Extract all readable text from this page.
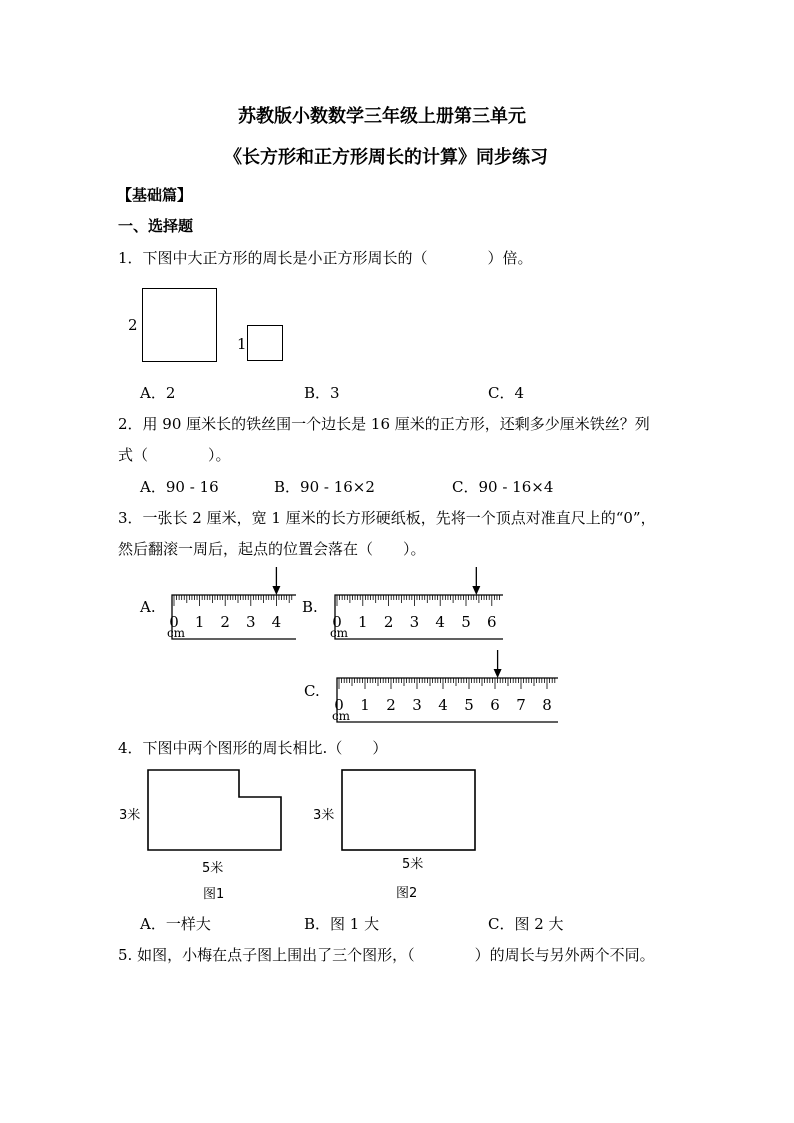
苏教版小数数学三年级上册第三单元
《长方形和正方形周长的计算》同步练习
【基础篇】
一、选择题
1．下图中大正方形的周长是小正方形周长的（　　　　）倍。
2
1
A．2	B．3	C．4
2．用 90 厘米长的铁丝围一个边长是 16 厘米的正方形，还剩多少厘米铁丝？列
式（　　　　）。
A．90 - 16	B．90 - 16×2	C．90 - 16×4
3．一张长 2 厘米，宽 1 厘米的长方形硬纸板，先将一个顶点对准直尺上的“0”，
然后翻滚一周后，起点的位置会落在（　　）。
A.	B.
C.
0 1 2 3 4
cm
0 1 2 3 4 5 6
cm
0 1 2 3 4 5 6 7 8
cm
4．下图中两个图形的周长相比.（　　）
3米
5米
图1
3米
5米
图2
A．一样大	B．图 1 大	C．图 2 大
5. 如图，小梅在点子图上围出了三个图形，（　　　　）的周长与另外两个不同。
